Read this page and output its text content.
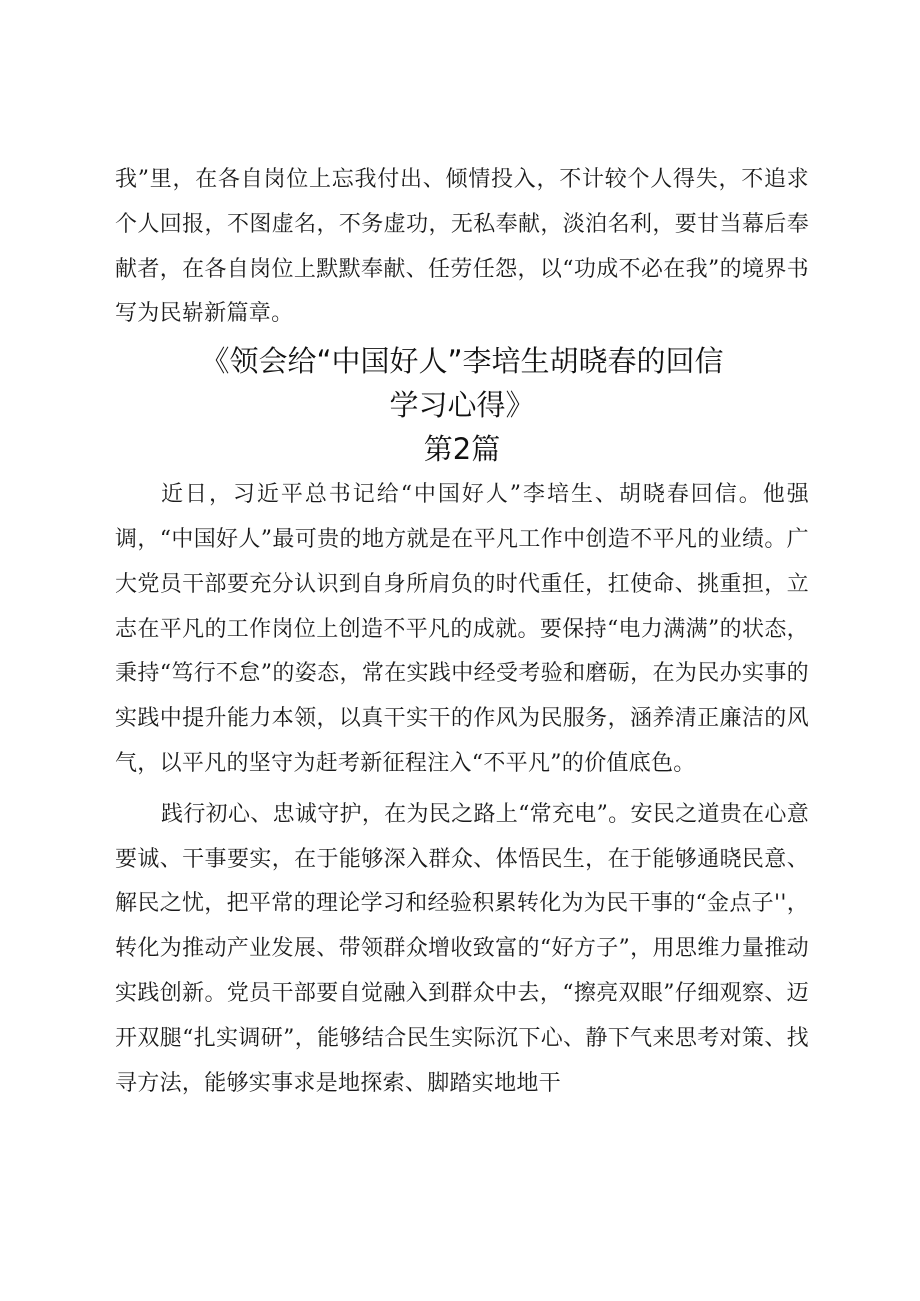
我”里，在各自岗位上忘我付出、倾情投入，不计较个人得失，不追求个人回报，不图虚名，不务虚功，无私奉献，淡泊名利，要甘当幕后奉献者，在各自岗位上默默奉献、任劳任怨，以“功成不必在我”的境界书写为民崭新篇章。

《领会给“中国好人”李培生胡晓春的回信
学习心得》
第2篇

近日，习近平总书记给“中国好人”李培生、胡晓春回信。他强调，“中国好人”最可贵的地方就是在平凡工作中创造不平凡的业绩。广大党员干部要充分认识到自身所肩负的时代重任，扛使命、挑重担，立志在平凡的工作岗位上创造不平凡的成就。要保持“电力满满”的状态，秉持“笃行不怠”的姿态，常在实践中经受考验和磨砺，在为民办实事的实践中提升能力本领，以真干实干的作风为民服务，涵养清正廉洁的风气，以平凡的坚守为赶考新征程注入“不平凡”的价值底色。

践行初心、忠诚守护，在为民之路上“常充电”。安民之道贵在心意要诚、干事要实，在于能够深入群众、体悟民生，在于能够通晓民意、解民之忧，把平常的理论学习和经验积累转化为为民干事的“金点子''，转化为推动产业发展、带领群众增收致富的“好方子”，用思维力量推动实践创新。党员干部要自觉融入到群众中去，“擦亮双眼”仔细观察、迈开双腿“扎实调研”，能够结合民生实际沉下心、静下气来思考对策、找寻方法，能够实事求是地探索、脚踏实地地干
